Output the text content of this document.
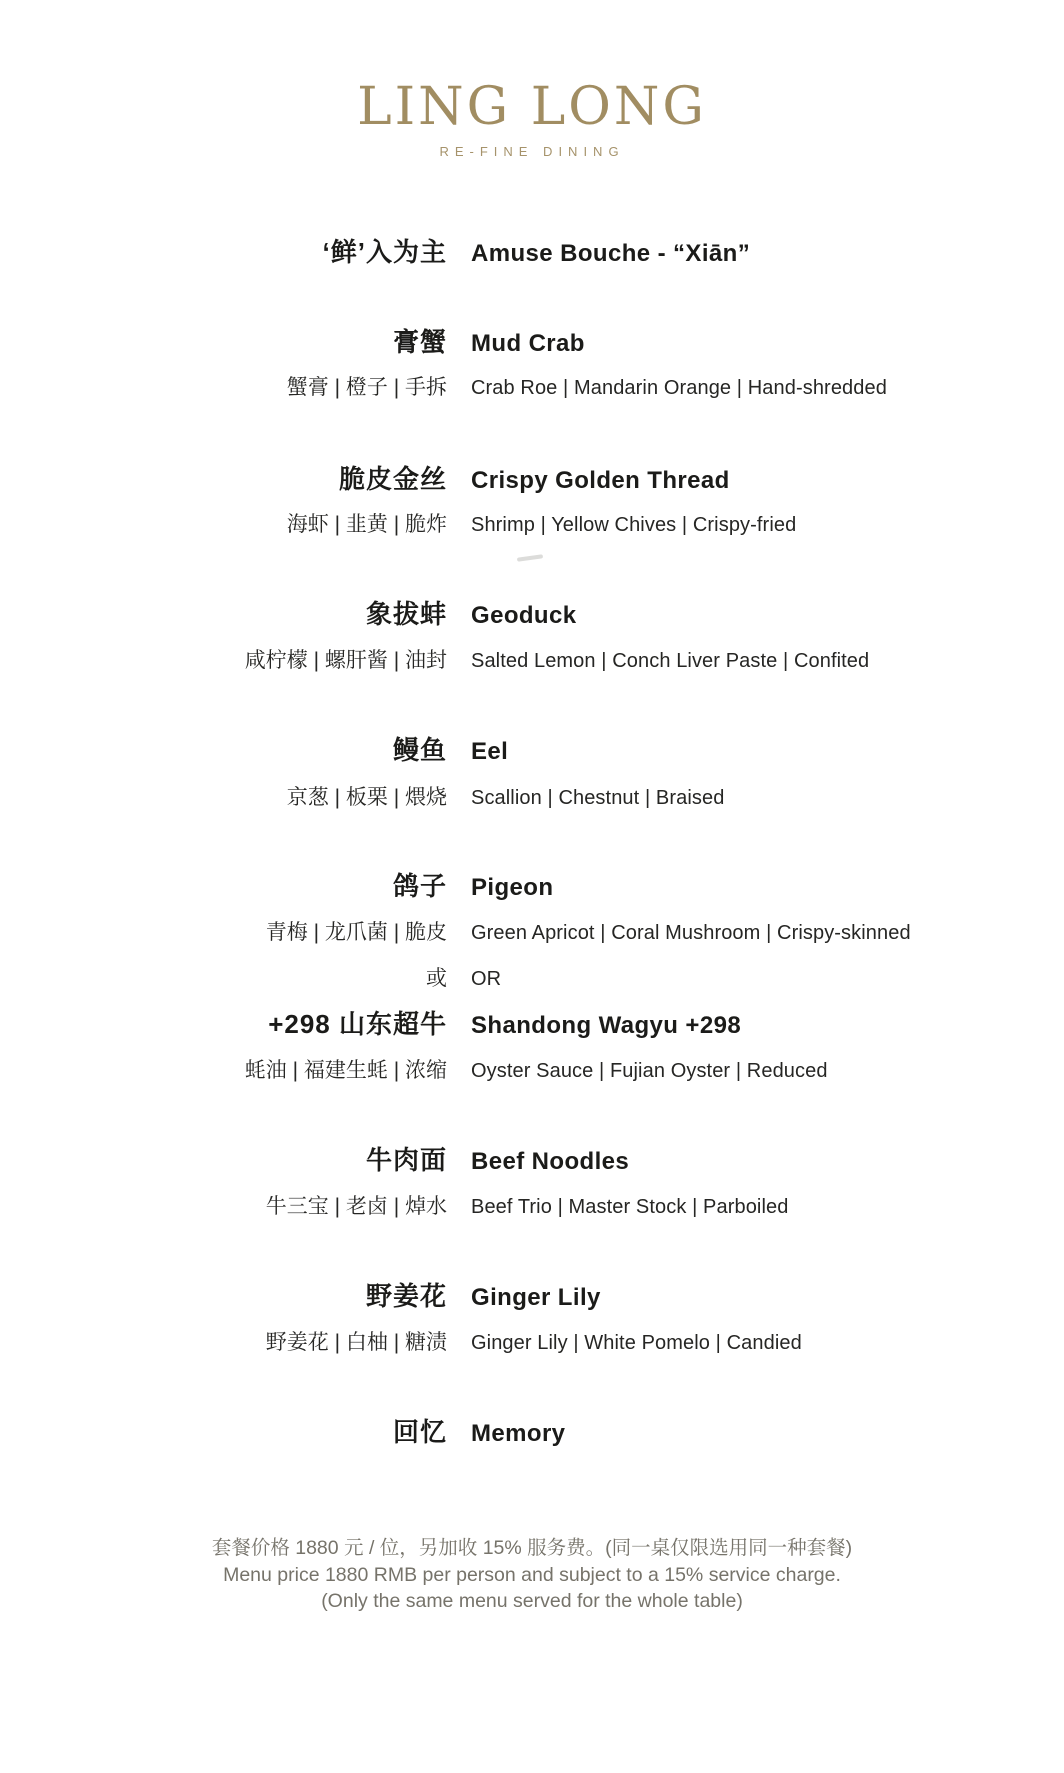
LING LONG
RE-FINE DINING
‘鲜’入为主 Amuse Bouche - “Xiān”
膏蟹 Mud Crab
蟹膏 | 橙子 | 手拆 Crab Roe | Mandarin Orange | Hand-shredded
脆皮金丝 Crispy Golden Thread
海虾 | 韭黄 | 脆炸 Shrimp | Yellow Chives | Crispy-fried
象拔蚌 Geoduck
咸柠檬 | 螺肝酱 | 油封 Salted Lemon | Conch Liver Paste | Confited
鳗鱼 Eel
京葱 | 板栗 | 煨烧 Scallion | Chestnut | Braised
鸽子 Pigeon
青梅 | 龙爪菌 | 脆皮 Green Apricot | Coral Mushroom | Crispy-skinned
或 OR
+298 山东超牛 Shandong Wagyu +298
蚝油 | 福建生蚝 | 浓缩 Oyster Sauce | Fujian Oyster | Reduced
牛肉面 Beef Noodles
牛三宝 | 老卤 | 焯水 Beef Trio | Master Stock | Parboiled
野姜花 Ginger Lily
野姜花 | 白柚 | 糖渍 Ginger Lily | White Pomelo | Candied
回忆 Memory
套餐价格 1880 元 / 位，另加收 15% 服务费。(同一桌仅限选用同一种套餐)
Menu price 1880 RMB per person and subject to a 15% service charge.
(Only the same menu served for the whole table)
